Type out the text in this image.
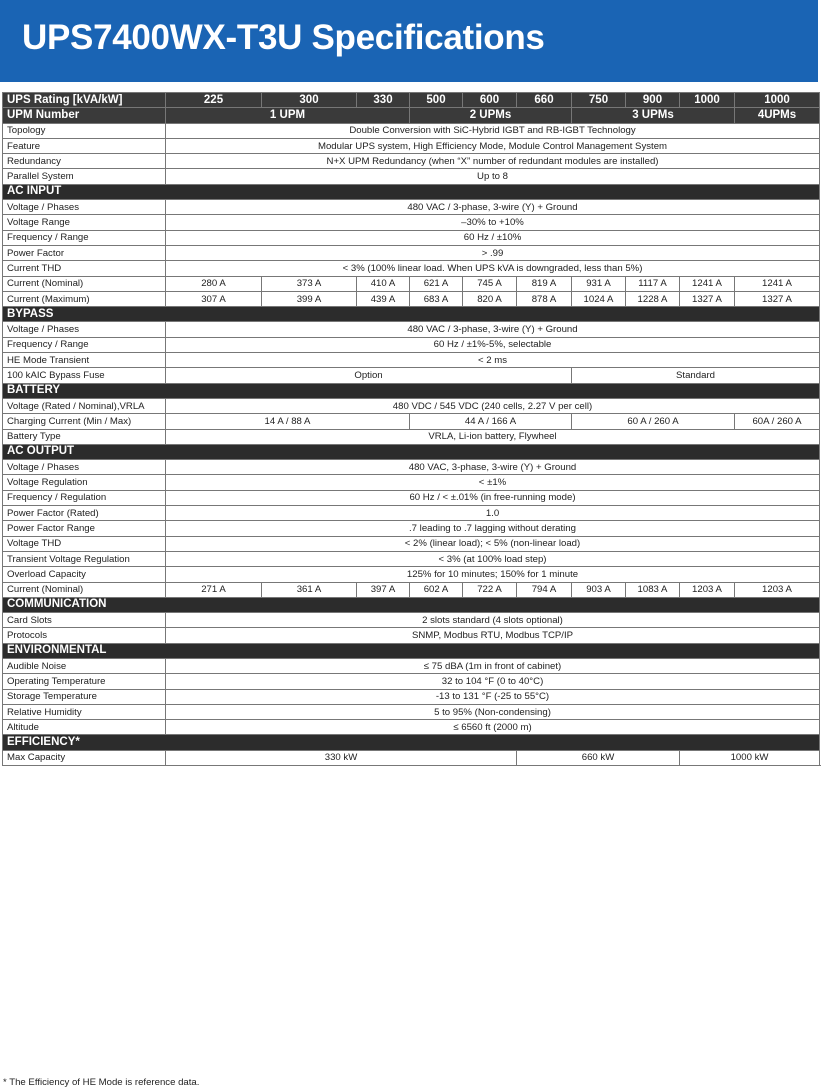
UPS7400WX-T3U Specifications
UPS Rating [kVA/kW]	225	300	330	500	600	660	750	900	1000	1000	
UPM Number	1 UPM			2 UPMs			3 UPMs			4UPMs	
Topology	Double Conversion with SiC-Hybrid IGBT and RB-IGBT Technology										
Feature	Modular UPS system, High Efficiency Mode, Module Control Management System										
Redundancy	N+X UPM Redundancy (when “X” number of redundant modules are installed)										
Parallel System	Up to 8										
AC INPUT											
Voltage / Phases	480 VAC / 3-phase, 3-wire (Y) + Ground										
Voltage Range	–30% to +10%										
Frequency / Range	60 Hz / ±10%										
Power Factor	> .99										
Current THD	< 3% (100% linear load. When UPS kVA is downgraded, less than 5%)										
Current (Nominal)	280 A	373 A	410 A	621 A	745 A	819 A	931 A	1117 A	1241 A	1241 A	
Current (Maximum)	307 A	399 A	439 A	683 A	820 A	878 A	1024 A	1228 A	1327 A	1327 A	
BYPASS											
Voltage / Phases	480 VAC / 3-phase, 3-wire (Y) + Ground										
Frequency / Range	60 Hz / ±1%-5%, selectable										
HE Mode Transient	< 2 ms										
100 kAIC Bypass Fuse	Option						Standard				
BATTERY											
Voltage (Rated / Nominal),VRLA	480 VDC / 545 VDC (240 cells, 2.27 V per cell)										
Charging Current (Min / Max)	14 A / 88 A			44 A / 166 A			60 A / 260 A			60A / 260 A	
Battery Type	VRLA, Li-ion battery, Flywheel										
AC OUTPUT											
Voltage / Phases	480 VAC, 3-phase, 3-wire (Y) + Ground										
Voltage Regulation	< ±1%										
Frequency / Regulation	60 Hz / < ±.01% (in free-running mode)										
Power Factor (Rated)	1.0										
Power Factor Range	.7 leading to .7 lagging without derating										
Voltage THD	< 2% (linear load); < 5% (non-linear load)										
Transient Voltage Regulation	< 3% (at 100% load step)										
Overload Capacity	125% for 10 minutes; 150% for 1 minute										
Current (Nominal)	271 A	361 A	397 A	602 A	722 A	794 A	903 A	1083 A	1203 A	1203 A	
COMMUNICATION											
Card Slots	2 slots standard (4 slots optional)										
Protocols	SNMP, Modbus RTU, Modbus TCP/IP										
ENVIRONMENTAL											
Audible Noise	≤ 75 dBA (1m in front of cabinet)										
Operating Temperature	32 to 104 °F (0 to 40°C)										
Storage Temperature	-13 to 131 °F (-25 to 55°C)										
Relative Humidity	5 to 95% (Non-condensing)										
Altitude	≤ 6560 ft (2000 m)										
EFFICIENCY*											
Max Capacity	330 kW					660 kW			1000 kW	
* The Efficiency of HE Mode is reference data.
